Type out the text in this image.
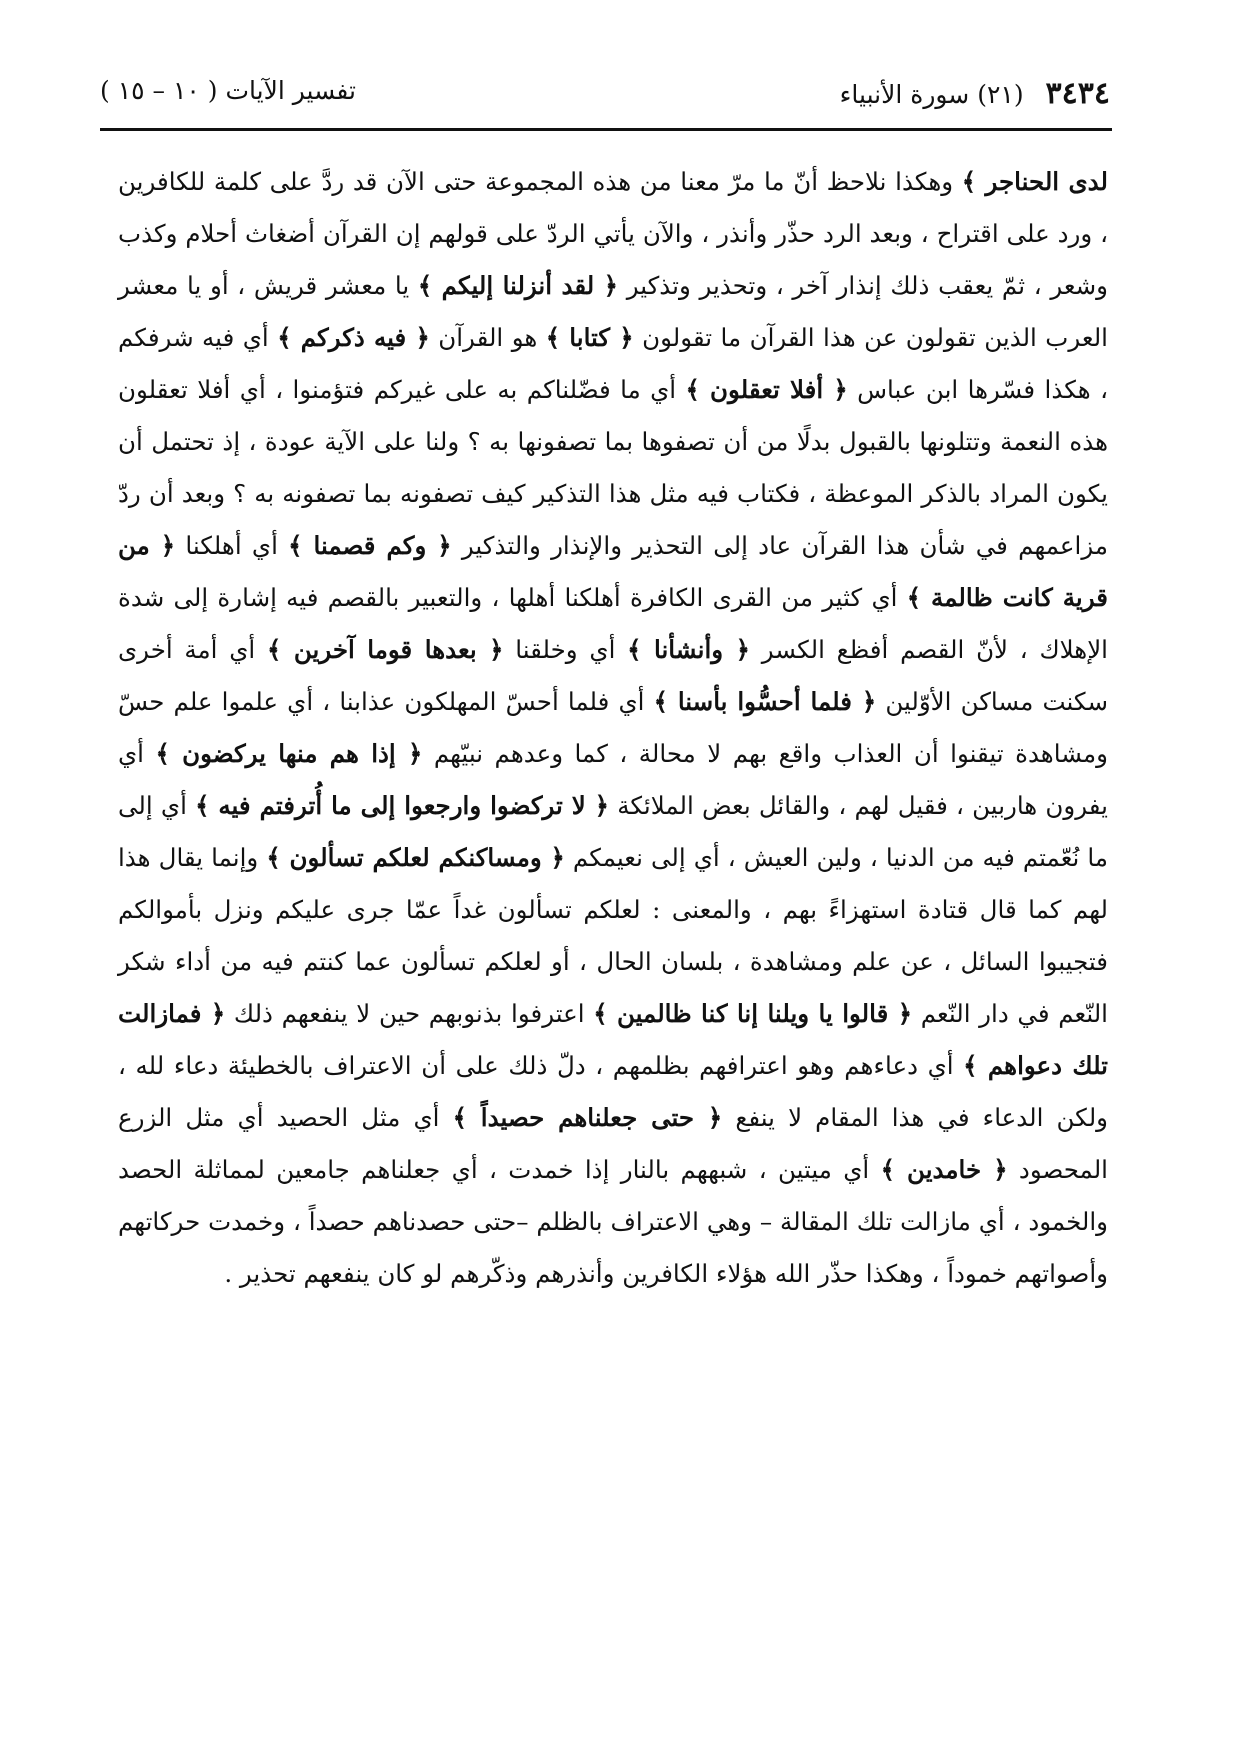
٣٤٣٤ (٢١) سورة الأنبياء
تفسير الآيات ( ١٠ – ١٥ )

لدى الحناجر ﴾ وهكذا نلاحظ أنّ ما مرّ معنا من هذه المجموعة حتى الآن قد ردَّ على كلمة للكافرين ، ورد على اقتراح ، وبعد الرد حذّر وأنذر ، والآن يأتي الردّ على قولهم إن القرآن أضغاث أحلام وكذب وشعر ، ثمّ يعقب ذلك إنذار آخر ، وتحذير وتذكير ﴿ لقد أنزلنا إليكم ﴾ يا معشر قريش ، أو يا معشر العرب الذين تقولون عن هذا القرآن ما تقولون ﴿ كتابا ﴾ هو القرآن ﴿ فيه ذكركم ﴾ أي فيه شرفكم ، هكذا فسّرها ابن عباس ﴿ أفلا تعقلون ﴾ أي ما فضّلناكم به على غيركم فتؤمنوا ، أي أفلا تعقلون هذه النعمة وتتلونها بالقبول بدلًا من أن تصفوها بما تصفونها به ؟ ولنا على الآية عودة ، إذ تحتمل أن يكون المراد بالذكر الموعظة ، فكتاب فيه مثل هذا التذكير كيف تصفونه بما تصفونه به ؟ وبعد أن ردّ مزاعمهم في شأن هذا القرآن عاد إلى التحذير والإنذار والتذكير ﴿ وكم قصمنا ﴾ أي أهلكنا ﴿ من قرية كانت ظالمة ﴾ أي كثير من القرى الكافرة أهلكنا أهلها ، والتعبير بالقصم فيه إشارة إلى شدة الإهلاك ، لأنّ القصم أفظع الكسر ﴿ وأنشأنا ﴾ أي وخلقنا ﴿ بعدها قوما آخرين ﴾ أي أمة أخرى سكنت مساكن الأوّلين ﴿ فلما أحسُّوا بأسنا ﴾ أي فلما أحسّ المهلكون عذابنا ، أي علموا علم حسّ ومشاهدة تيقنوا أن العذاب واقع بهم لا محالة ، كما وعدهم نبيّهم ﴿ إذا هم منها يركضون ﴾ أي يفرون هاربين ، فقيل لهم ، والقائل بعض الملائكة ﴿ لا تركضوا وارجعوا إلى ما أُترفتم فيه ﴾ أي إلى ما نُعّمتم فيه من الدنيا ، ولين العيش ، أي إلى نعيمكم ﴿ ومساكنكم لعلكم تسألون ﴾ وإنما يقال هذا لهم كما قال قتادة استهزاءً بهم ، والمعنى : لعلكم تسألون غداً عمّا جرى عليكم ونزل بأموالكم فتجيبوا السائل ، عن علم ومشاهدة ، بلسان الحال ، أو لعلكم تسألون عما كنتم فيه من أداء شكر النّعم في دار النّعم ﴿ قالوا يا ويلنا إنا كنا ظالمين ﴾ اعترفوا بذنوبهم حين لا ينفعهم ذلك ﴿ فمازالت تلك دعواهم ﴾ أي دعاءهم وهو اعترافهم بظلمهم ، دلّ ذلك على أن الاعتراف بالخطيئة دعاء لله ، ولكن الدعاء في هذا المقام لا ينفع ﴿ حتى جعلناهم حصيداً ﴾ أي مثل الحصيد أي مثل الزرع المحصود ﴿ خامدين ﴾ أي ميتين ، شبههم بالنار إذا خمدت ، أي جعلناهم جامعين لمماثلة الحصد والخمود ، أي مازالت تلك المقالة – وهي الاعتراف بالظلم –حتى حصدناهم حصداً ، وخمدت حركاتهم وأصواتهم خموداً ، وهكذا حذّر الله هؤلاء الكافرين وأنذرهم وذكّرهم لو كان ينفعهم تحذير .
